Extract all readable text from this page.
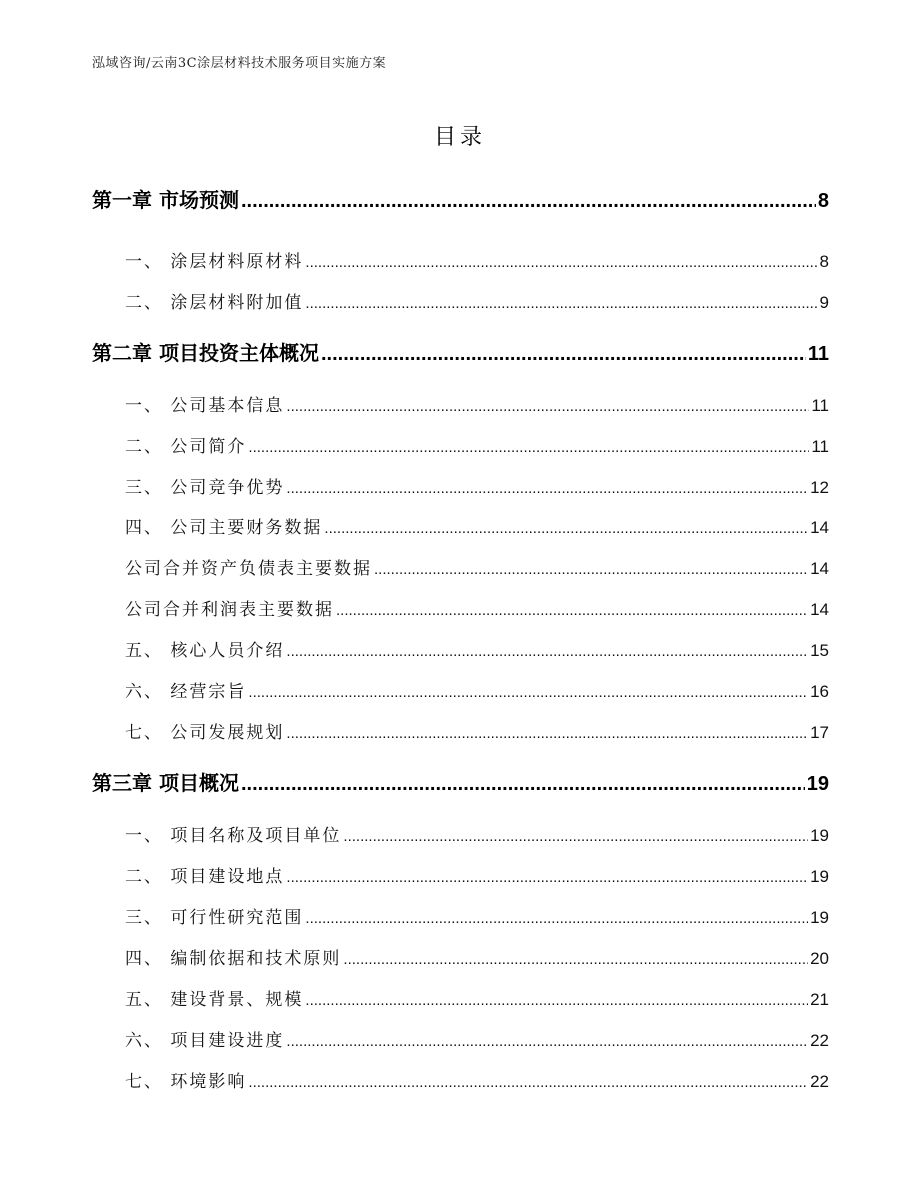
泓域咨询/云南3C涂层材料技术服务项目实施方案
目录
第一章 市场预测 .....	8
一、 涂层材料原材料 .....	8
二、 涂层材料附加值 .....	9
第二章 项目投资主体概况 .....	11
一、 公司基本信息 .....	11
二、 公司简介 .....	11
三、 公司竞争优势 .....	12
四、 公司主要财务数据 .....	14
公司合并资产负债表主要数据 .....	14
公司合并利润表主要数据 .....	14
五、 核心人员介绍 .....	15
六、 经营宗旨 .....	16
七、 公司发展规划 .....	17
第三章 项目概况 .....	19
一、 项目名称及项目单位 .....	19
二、 项目建设地点 .....	19
三、 可行性研究范围 .....	19
四、 编制依据和技术原则 .....	20
五、 建设背景、规模 .....	21
六、 项目建设进度 .....	22
七、 环境影响 .....	22
